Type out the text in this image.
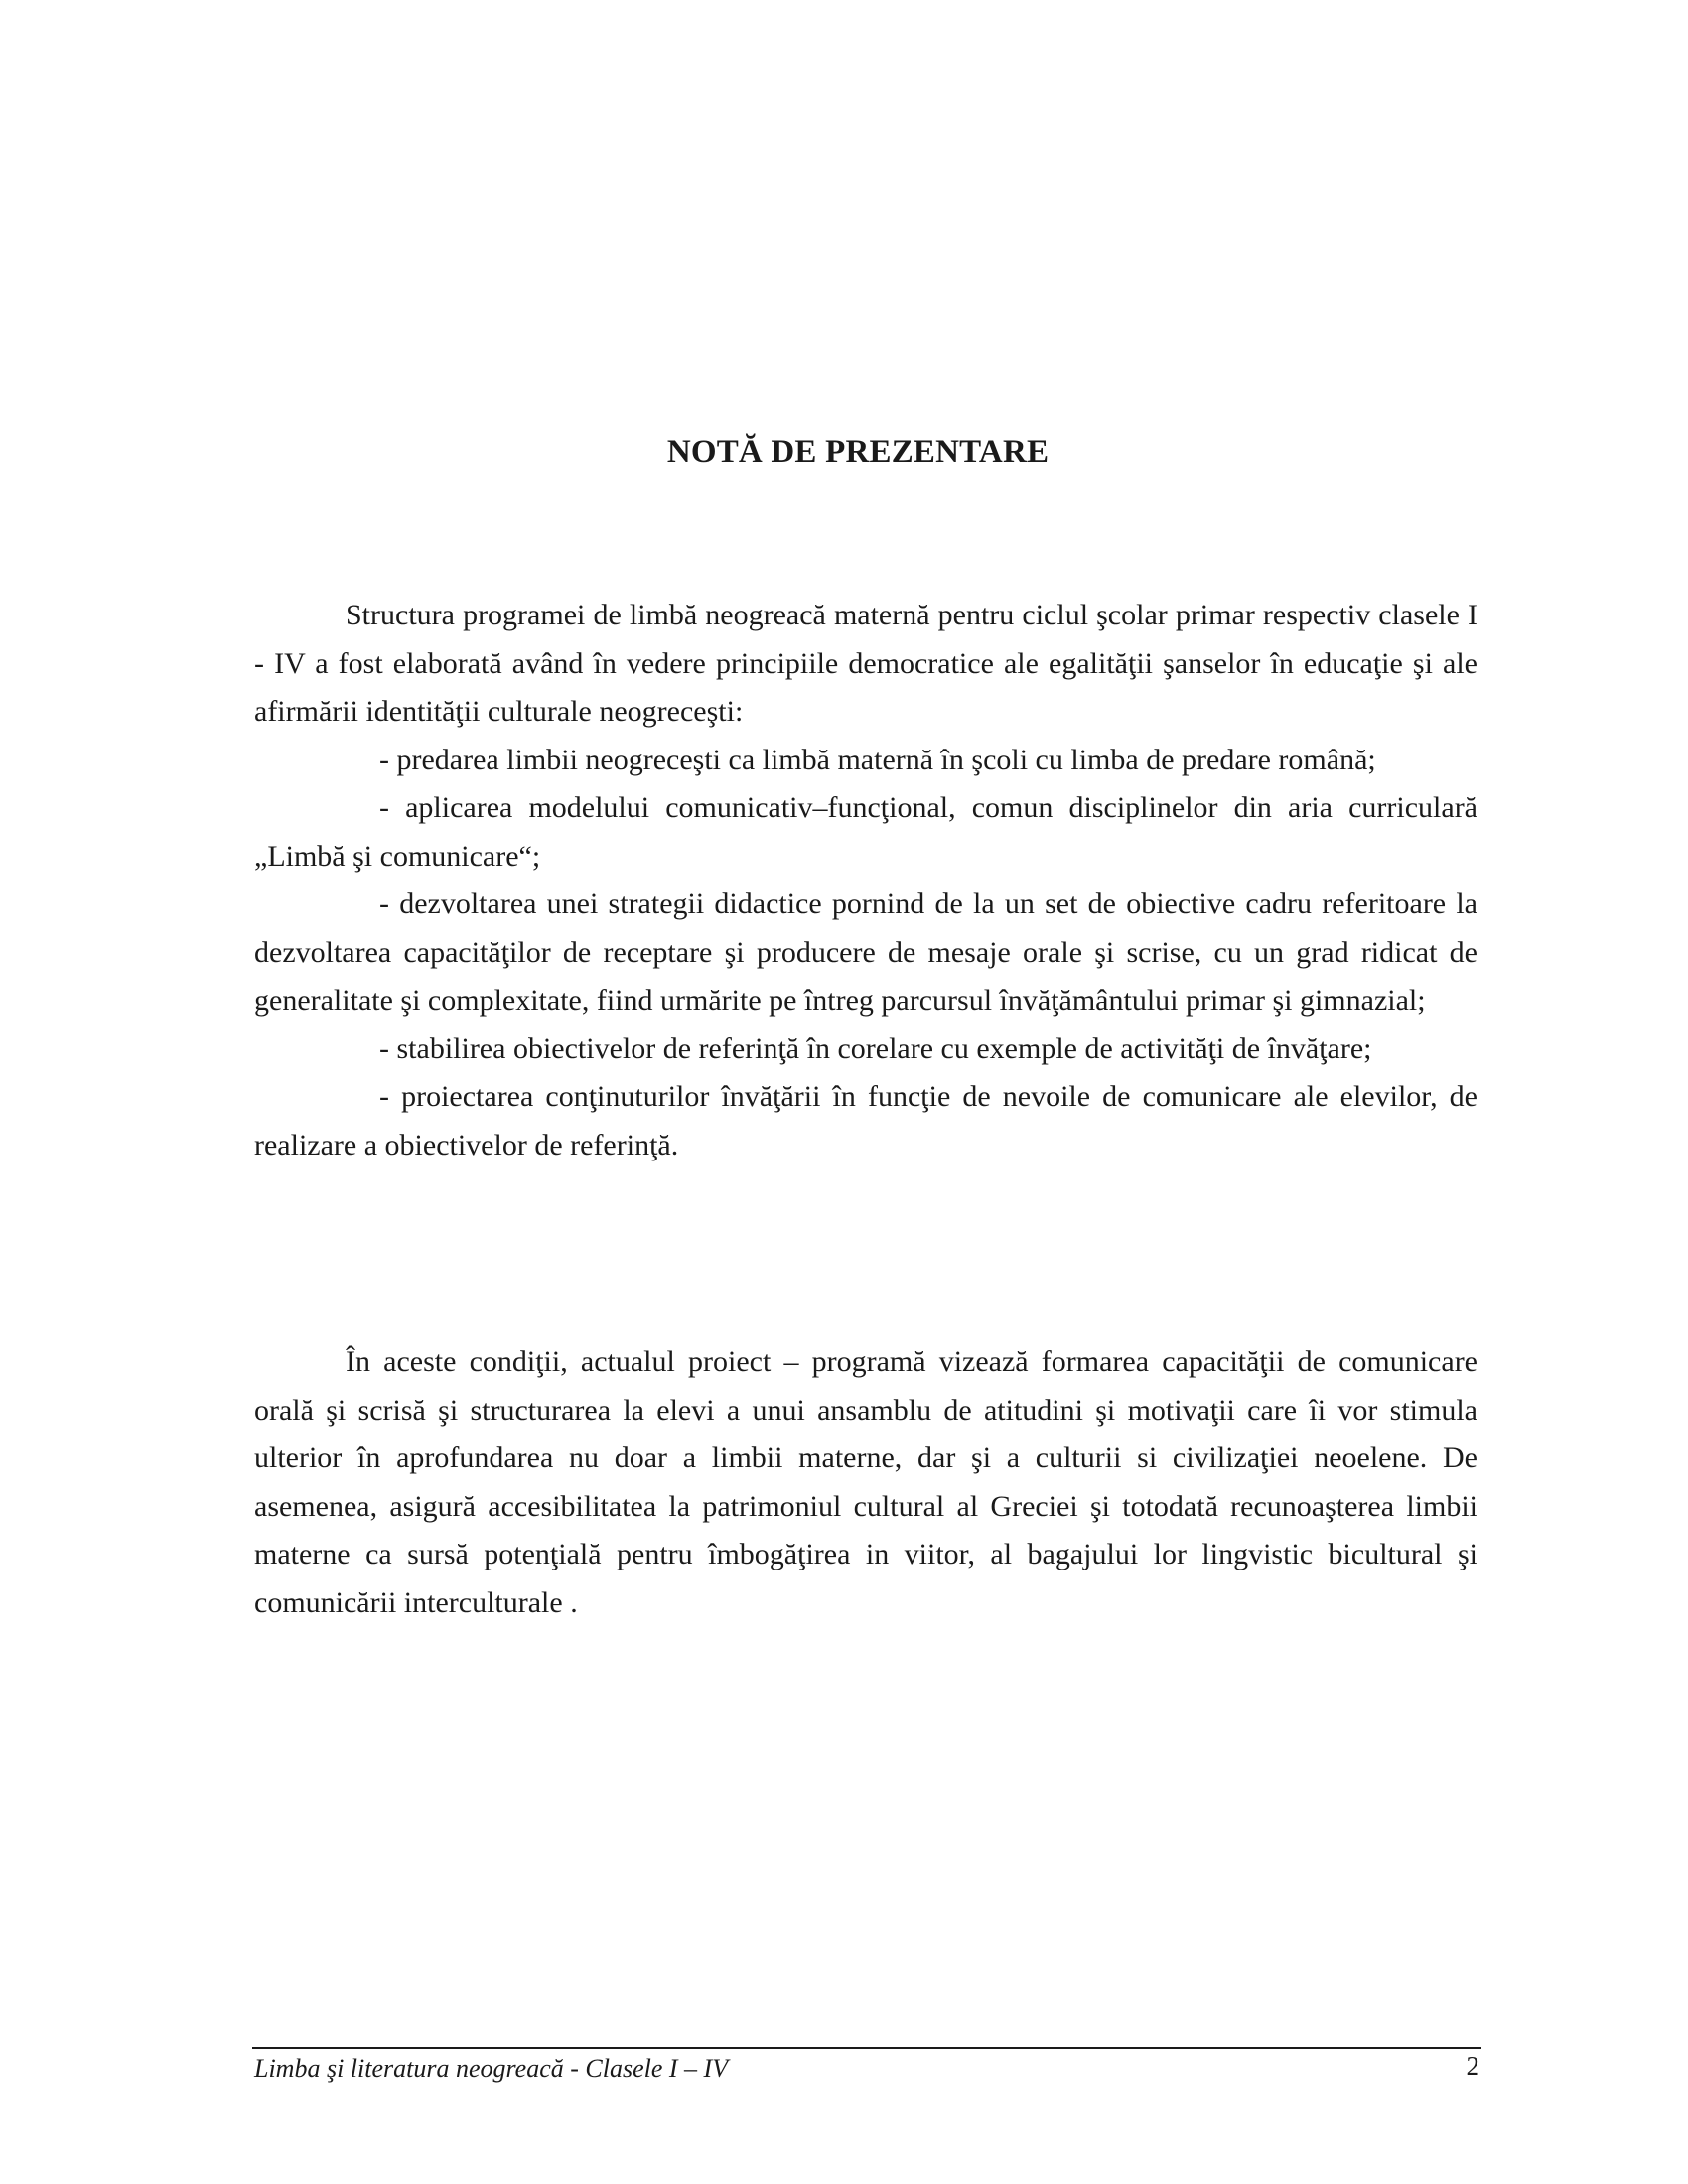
NOTĂ DE PREZENTARE

Structura programei de limbă neogreacă maternă pentru ciclul şcolar primar respectiv clasele I - IV a fost elaborată având în vedere principiile democratice ale egalităţii şanselor în educaţie şi ale afirmării identităţii culturale neogreceşti:

- predarea limbii neogreceşti ca limbă maternă în şcoli cu limba de predare română;

- aplicarea modelului comunicativ–funcţional, comun disciplinelor din aria curriculară „Limbă şi comunicare“;

- dezvoltarea unei strategii didactice pornind de la un set de obiective cadru referitoare la dezvoltarea capacităţilor de receptare şi producere de mesaje orale şi scrise, cu un grad ridicat de generalitate şi complexitate, fiind urmărite pe întreg parcursul învăţământului primar şi gimnazial;

- stabilirea obiectivelor de referinţă în corelare cu exemple de activităţi de învăţare;

- proiectarea conţinuturilor învăţării în funcţie de nevoile de comunicare ale elevilor, de realizare a obiectivelor de referinţă.

În aceste condiţii, actualul proiect – programă vizează formarea capacităţii de comunicare orală şi scrisă şi structurarea la elevi a unui ansamblu de atitudini şi motivaţii care îi vor stimula ulterior în aprofundarea nu doar a limbii materne, dar şi a culturii si civilizaţiei neoelene. De asemenea, asigură accesibilitatea la patrimoniul cultural al Greciei şi totodată recunoaşterea limbii materne ca sursă potenţială pentru îmbogăţirea in viitor, al bagajului lor lingvistic bicultural şi comunicării interculturale .

Limba şi literatura neogreacă - Clasele I – IV	2
